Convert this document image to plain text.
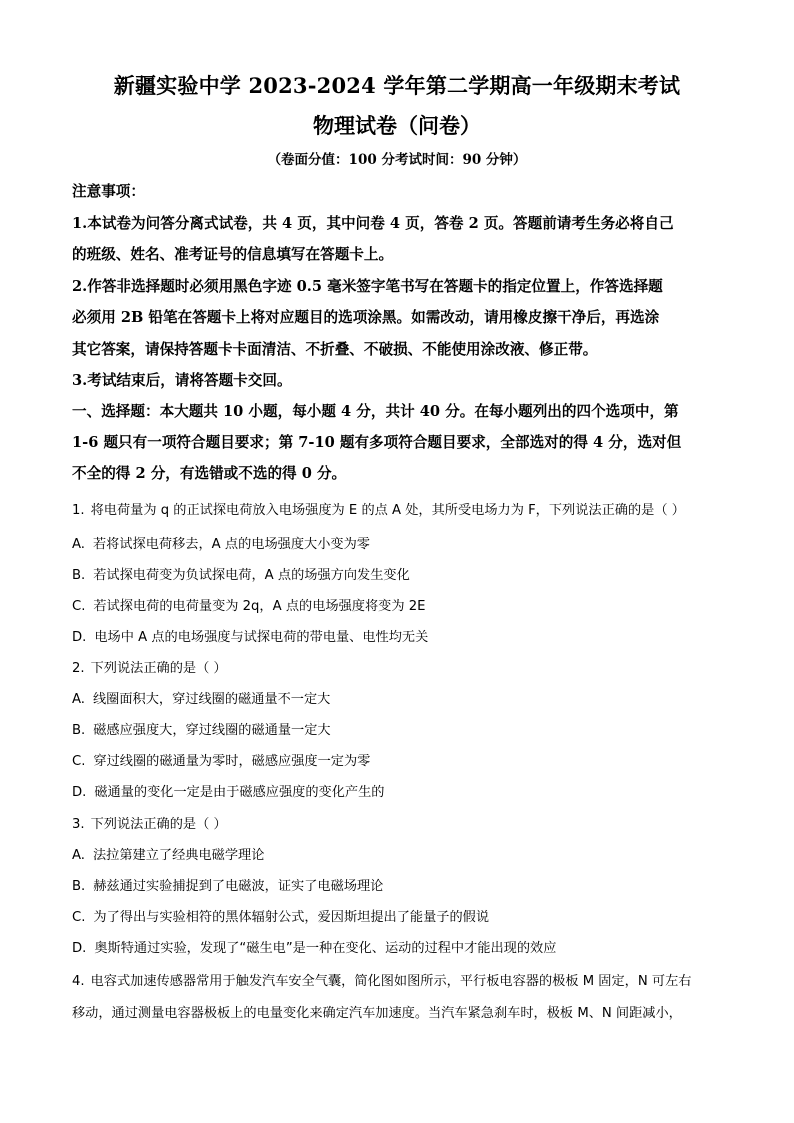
新疆实验中学 2023-2024 学年第二学期高一年级期末考试
物理试卷（问卷）
（卷面分值：100 分考试时间：90 分钟）
注意事项：
1.本试卷为问答分离式试卷，共 4 页，其中问卷 4 页，答卷 2 页。答题前请考生务必将自己
的班级、姓名、准考证号的信息填写在答题卡上。
2.作答非选择题时必须用黑色字迹 0.5 毫米签字笔书写在答题卡的指定位置上，作答选择题
必须用 2B 铅笔在答题卡上将对应题目的选项涂黑。如需改动，请用橡皮擦干净后，再选涂
其它答案，请保持答题卡卡面清洁、不折叠、不破损、不能使用涂改液、修正带。
3.考试结束后，请将答题卡交回。
一、选择题：本大题共 10 小题，每小题 4 分，共计 40 分。在每小题列出的四个选项中，第
1-6 题只有一项符合题目要求；第 7-10 题有多项符合题目要求，全部选对的得 4 分，选对但
不全的得 2 分，有选错或不选的得 0 分。
1. 将电荷量为 q 的正试探电荷放入电场强度为 E 的点 A 处，其所受电场力为 F，下列说法正确的是（ ）
A. 若将试探电荷移去，A 点的电场强度大小变为零
B. 若试探电荷变为负试探电荷，A 点的场强方向发生变化
C. 若试探电荷的电荷量变为 2q，A 点的电场强度将变为 2E
D. 电场中 A 点的电场强度与试探电荷的带电量、电性均无关
2. 下列说法正确的是（ ）
A. 线圈面积大，穿过线圈的磁通量不一定大
B. 磁感应强度大，穿过线圈的磁通量一定大
C. 穿过线圈的磁通量为零时，磁感应强度一定为零
D. 磁通量的变化一定是由于磁感应强度的变化产生的
3. 下列说法正确的是（ ）
A. 法拉第建立了经典电磁学理论
B. 赫兹通过实验捕捉到了电磁波，证实了电磁场理论
C. 为了得出与实验相符的黑体辐射公式，爱因斯坦提出了能量子的假说
D. 奥斯特通过实验，发现了“磁生电”是一种在变化、运动的过程中才能出现的效应
4. 电容式加速传感器常用于触发汽车安全气囊，简化图如图所示，平行板电容器的极板 M 固定，N 可左右
移动，通过测量电容器极板上的电量变化来确定汽车加速度。当汽车紧急刹车时，极板 M、N 间距减小，
